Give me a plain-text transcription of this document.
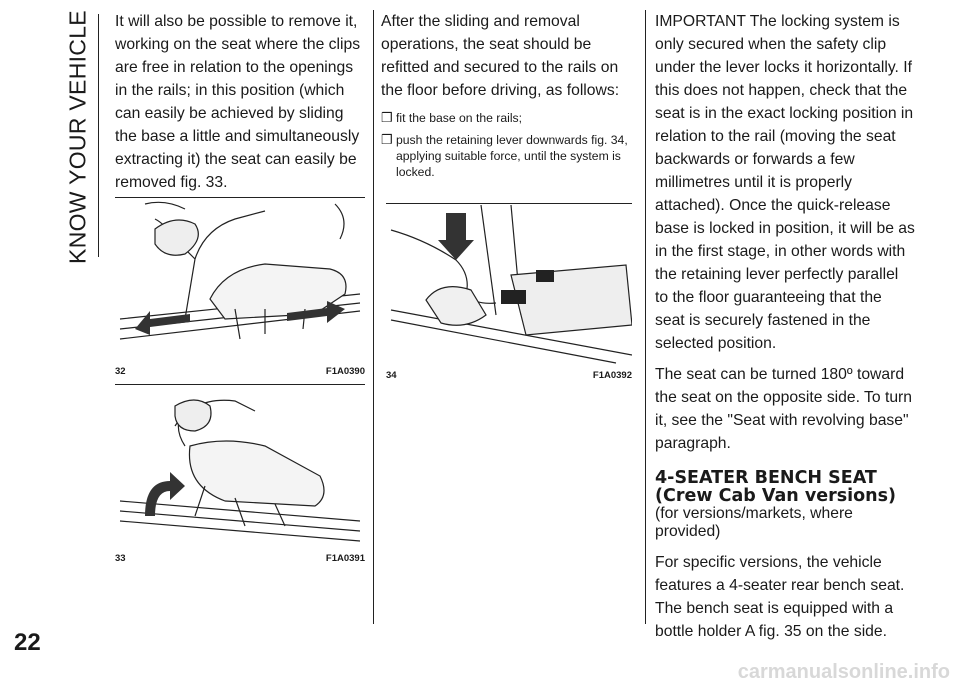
KNOW YOUR VEHICLE It will also be possible to remove it, working on the seat where the clips are free in relation to the openings in the rails; in this position (which can easily be achieved by sliding the base a little and simultaneously extracting it) the seat can easily be removed fig. 33.

32	F1A0390
33	F1A0391

After the sliding and removal operations, the seat should be refitted and secured to the rails on the floor before driving, as follows:

❒ fit the base on the rails;
❒ push the retaining lever downwards fig. 34, applying suitable force, until the system is locked.
34	F1A0392

IMPORTANT The locking system is only secured when the safety clip under the lever locks it horizontally. If this does not happen, check that the seat is in the exact locking position in relation to the rail (moving the seat backwards or forwards a few millimetres until it is properly attached). Once the quick-release base is locked in position, it will be as in the first stage, in other words with the retaining lever perfectly parallel to the floor guaranteeing that the seat is securely fastened in the selected position.

The seat can be turned 180º toward the seat on the opposite side. To turn it, see the "Seat with revolving base" paragraph.

4-SEATER BENCH SEAT (Crew Cab Van versions)
(for versions/markets, where provided)

For specific versions, the vehicle features a 4-seater rear bench seat. The bench seat is equipped with a bottle holder A fig. 35 on the side.

22
carmanualsonline.info
